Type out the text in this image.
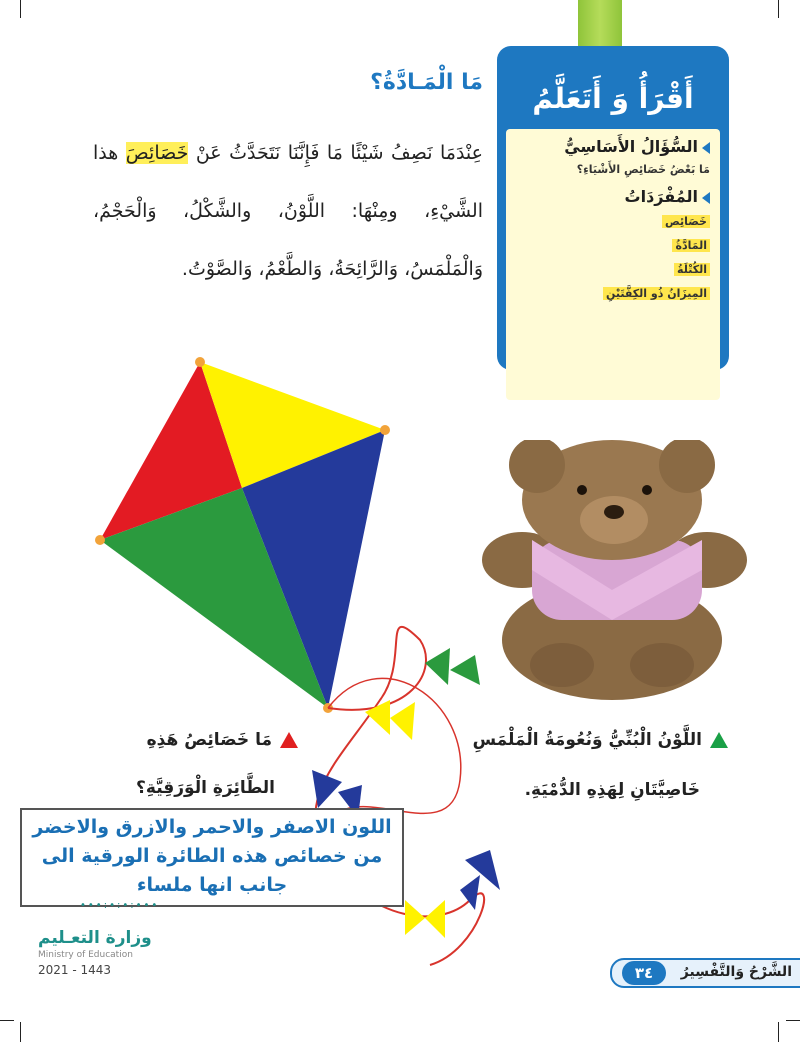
أَقْرَأُ وَ أَتَعَلَّمُ
السُّؤَالُ الأَسَاسِيُّ
مَا بَعْضُ خَصَائِصِ الأَشْيَاءِ؟
المُفْرَدَاتُ
خَصَائِص
المَادَّةُ
الكُتْلَةُ
المِيزَانُ ذُو الكِفَّتَيْنِ
مَا الْمَـادَّةُ؟
عِنْدَمَا نَصِفُ شَيْئًا مَا فَإِنَّنَا نَتَحَدَّثُ عَنْ خَصَائِصَ هذا الشَّيْءِ، ومِنْهَا: اللَّوْنُ، والشَّكْلُ، وَالْحَجْمُ، وَالْمَلْمَسُ، وَالرَّائِحَةُ، وَالطَّعْمُ، وَالصَّوْتُ.
اللَّوْنُ الْبُنِّيُّ وَنُعُومَةُ الْمَلْمَسِ
خَاصِيَّتَانِ لِهَذِهِ الدُّمْيَةِ.
مَا خَصَائِصُ هَذِهِ
الطَّائِرَةِ الْوَرَقِيَّةِ؟
اللون الاصفر والاحمر والازرق والاخضر
من خصائص هذه الطائرة الورقية الى
جانب انها ملساء
•••:•:•:•••
وزارة التعـليم
Ministry of Education
2021 - 1443	٣٤	الشَّرْحُ وَالتَّفْسِيرُ
